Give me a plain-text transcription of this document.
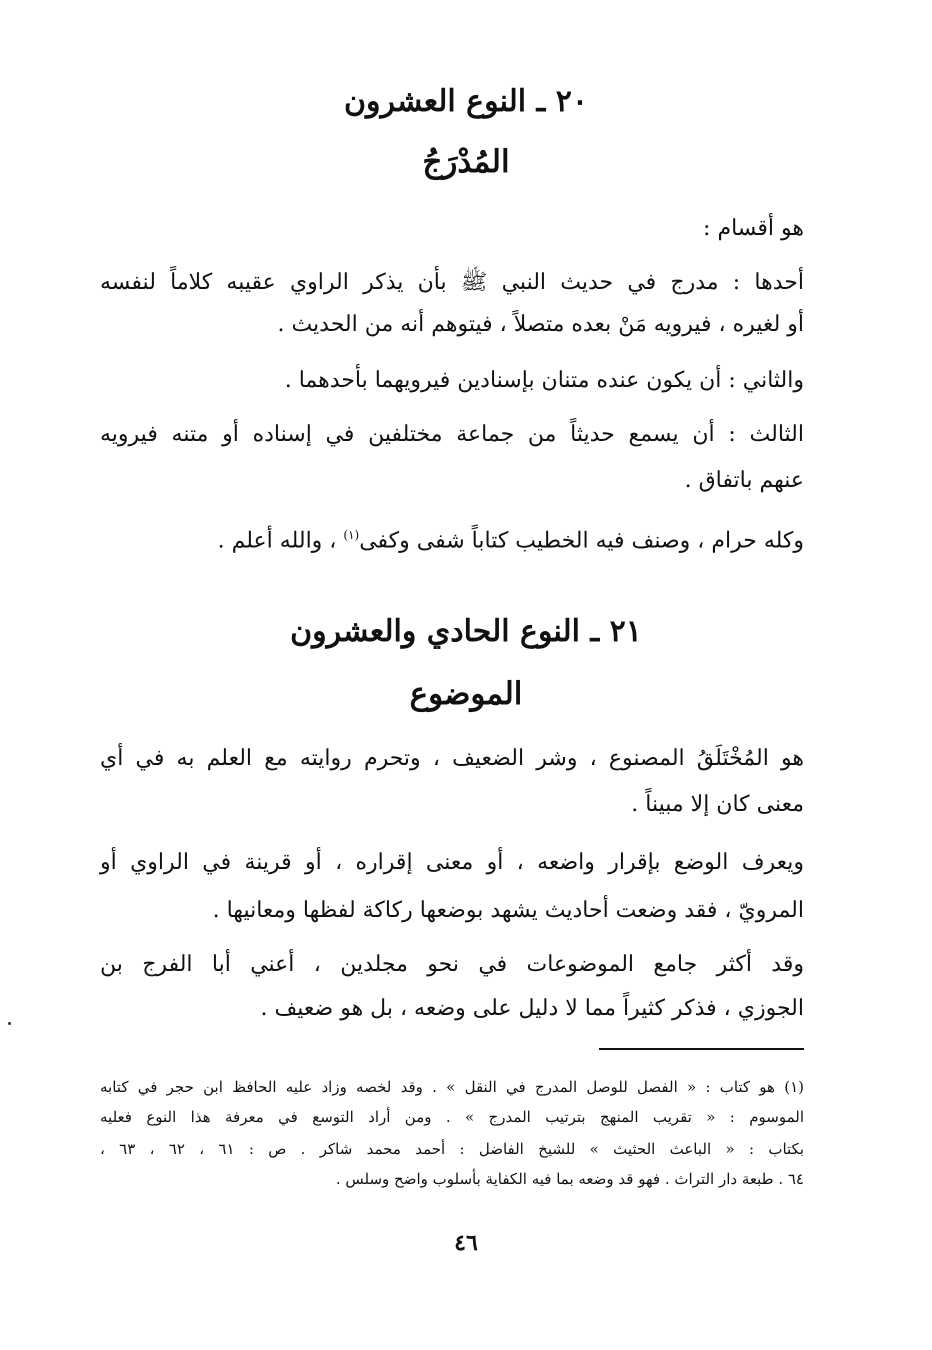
٢٠ ـ النوع العشرون
المُدْرَجُ
هو أقسام :
أحدها : مدرج في حديث النبي ﷺ بأن يذكر الراوي عقيبه كلاماً لنفسه
أو لغيره ، فيرويه مَنْ بعده متصلاً ، فيتوهم أنه من الحديث .
والثاني : أن يكون عنده متنان بإسنادين فيرويهما بأحدهما .
الثالث : أن يسمع حديثاً من جماعة مختلفين في إسناده أو متنه فيرويه
عنهم باتفاق .
وكله حرام ، وصنف فيه الخطيب كتاباً شفى وكفى$^{(١)}$ ، والله أعلم .
٢١ ـ النوع الحادي والعشرون
الموضوع
هو المُخْتَلَقُ المصنوع ، وشر الضعيف ، وتحرم روايته مع العلم به في أي
معنى كان إلا مبيناً .
ويعرف الوضع بإقرار واضعه ، أو معنى إقراره ، أو قرينة في الراوي أو
المرويّ ، فقد وضعت أحاديث يشهد بوضعها ركاكة لفظها ومعانيها .
وقد أكثر جامع الموضوعات في نحو مجلدين ، أعني أبا الفرج بن
الجوزي ، فذكر كثيراً مما لا دليل على وضعه ، بل هو ضعيف .
(١) هو كتاب : « الفصل للوصل المدرج في النقل » . وقد لخصه وزاد عليه الحافظ ابن حجر في كتابه
الموسوم : « تقريب المنهج بترتيب المدرج » . ومن أراد التوسع في معرفة هذا النوع فعليه
بكتاب : « الباعث الحثيث » للشيخ الفاضل : أحمد محمد شاكر . ص : ٦١ ، ٦٢ ، ٦٣ ،
٦٤ . طبعة دار التراث . فهو قد وضعه بما فيه الكفاية بأسلوب واضح وسلس .
٤٦
